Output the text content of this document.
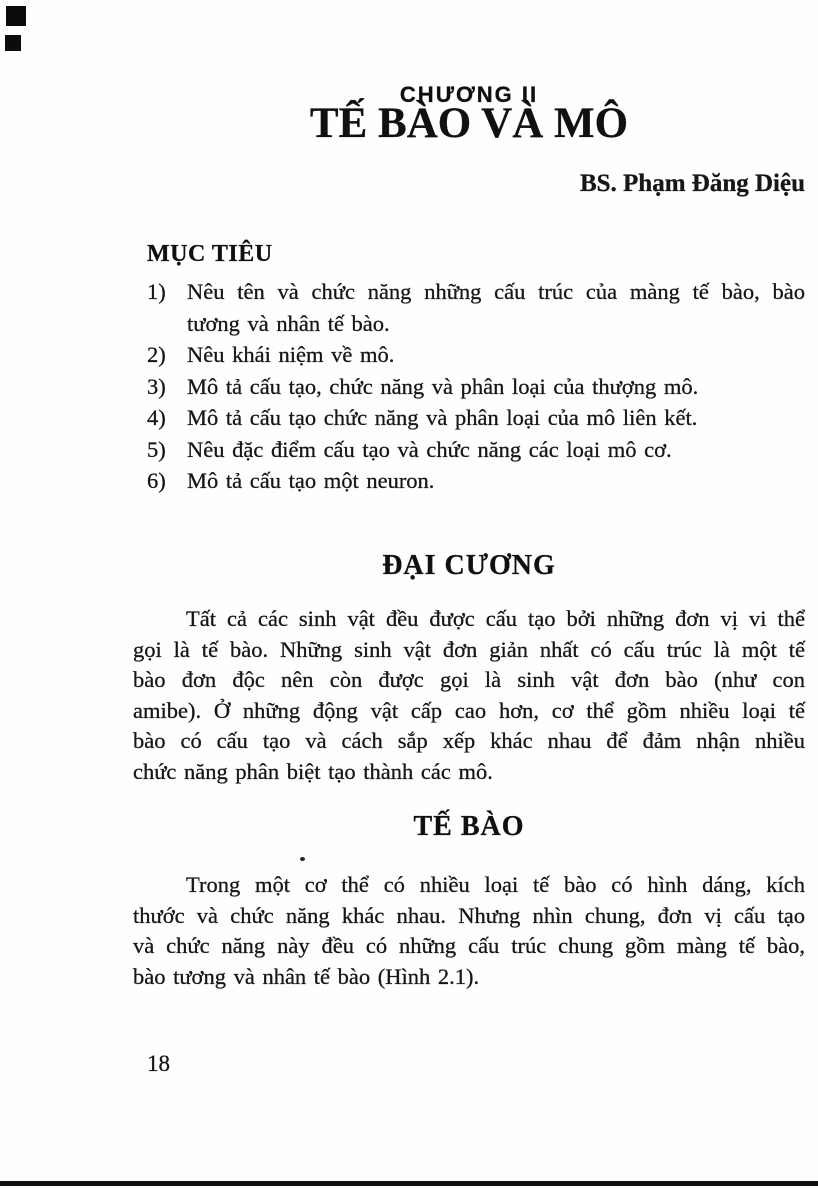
CHƯƠNG II
TẾ BÀO VÀ MÔ
BS. Phạm Đăng Diệu
MỤC TIÊU
1) Nêu tên và chức năng những cấu trúc của màng tế bào, bào
tương và nhân tế bào.
2) Nêu khái niệm về mô.
3) Mô tả cấu tạo, chức năng và phân loại của thượng mô.
4) Mô tả cấu tạo chức năng và phân loại của mô liên kết.
5) Nêu đặc điểm cấu tạo và chức năng các loại mô cơ.
6) Mô tả cấu tạo một neuron.
ĐẠI CƯƠNG
Tất cả các sinh vật đều được cấu tạo bởi những đơn vị vi thể
gọi là tế bào. Những sinh vật đơn giản nhất có cấu trúc là một tế
bào đơn độc nên còn được gọi là sinh vật đơn bào (như con
amibe). Ở những động vật cấp cao hơn, cơ thể gồm nhiều loại tế
bào có cấu tạo và cách sắp xếp khác nhau để đảm nhận nhiều
chức năng phân biệt tạo thành các mô.
TẾ BÀO
Trong một cơ thể có nhiều loại tế bào có hình dáng, kích
thước và chức năng khác nhau. Nhưng nhìn chung, đơn vị cấu tạo
và chức năng này đều có những cấu trúc chung gồm màng tế bào,
bào tương và nhân tế bào (Hình 2.1).
18
